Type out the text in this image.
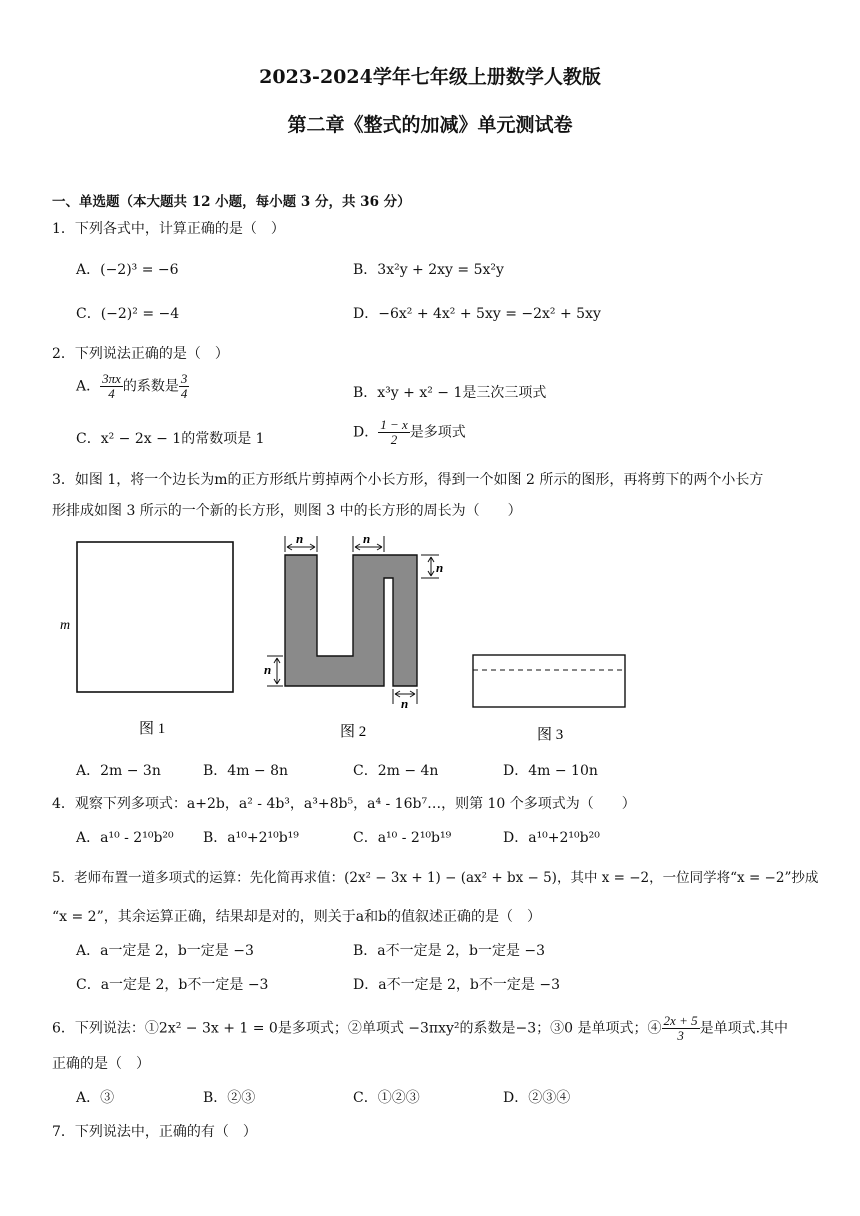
2023-2024学年七年级上册数学人教版
第二章《整式的加减》单元测试卷
一、单选题（本大题共 12 小题，每小题 3 分，共 36 分）
1．下列各式中，计算正确的是（　）
A．(−2)³ = −6	B．3x²y + 2xy = 5x²y
C．(−2)² = −4	D．−6x² + 4x² + 5xy = −2x² + 5xy
2．下列说法正确的是（　）
A． $\frac{3\pi x}{4}$ 的系数是 $\frac{3}{4}$	B．x³y + x² − 1是三次三项式
C．x² − 2x − 1的常数项是 1	D． $\frac{1 - x}{2}$ 是多项式
3．如图 1，将一个边长为m的正方形纸片剪掉两个小长方形，得到一个如图 2 所示的图形，再将剪下的两个小长方
形排成如图 3 所示的一个新的长方形，则图 3 中的长方形的周长为（　　）
m
图 1
n	n
n
n
n
图 2	图 3
A．2m − 3n	B．4m − 8n	C．2m − 4n	D．4m − 10n
4．观察下列多项式：a+2b，a² - 4b³，a³+8b⁵，a⁴ - 16b⁷…，则第 10 个多项式为（　　）
A．a¹⁰ - 2¹⁰b²⁰ B．a¹⁰+2¹⁰b¹⁹	C．a¹⁰ - 2¹⁰b¹⁹	D．a¹⁰+2¹⁰b²⁰
5．老师布置一道多项式的运算：先化简再求值：(2x² − 3x + 1) − (ax² + bx − 5)，其中 x = −2，一位同学将“x = −2”抄成
“x = 2”，其余运算正确，结果却是对的，则关于a和b的值叙述正确的是（　）
A．a一定是 2，b一定是 −3	B．a不一定是 2，b一定是 −3
C．a一定是 2，b不一定是 −3	D．a不一定是 2，b不一定是 −3
6．下列说法：①2x² − 3x + 1 = 0是多项式；②单项式 −3πxy²的系数是−3；③0 是单项式；④ $\frac{2x + 5}{3}$ 是单项式.其中
正确的是（　）
A．③	B．②③	C．①②③	D．②③④
7．下列说法中，正确的有（　）
